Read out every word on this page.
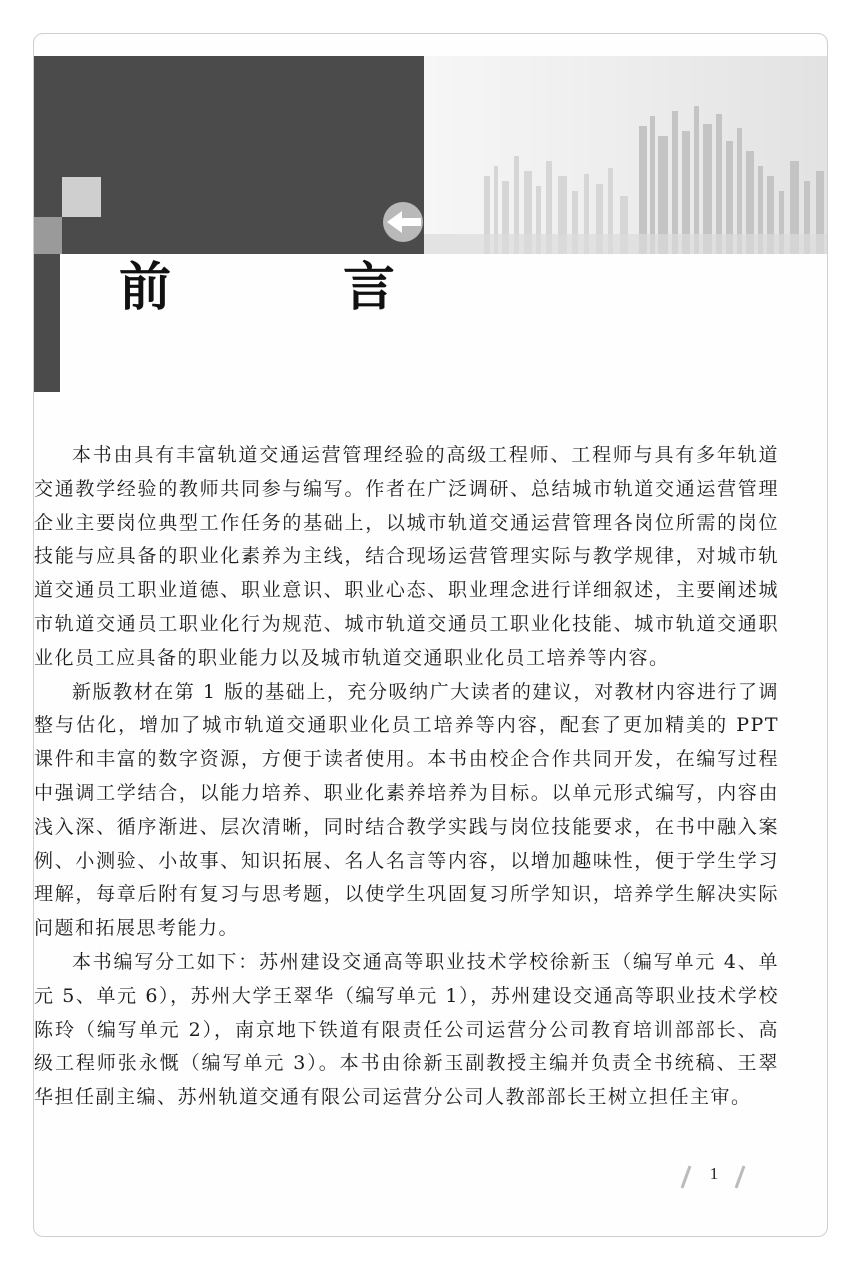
前　言

本书由具有丰富轨道交通运营管理经验的高级工程师、工程师与具有多年轨道交通教学经验的教师共同参与编写。作者在广泛调研、总结城市轨道交通运营管理企业主要岗位典型工作任务的基础上，以城市轨道交通运营管理各岗位所需的岗位技能与应具备的职业化素养为主线，结合现场运营管理实际与教学规律，对城市轨道交通员工职业道德、职业意识、职业心态、职业理念进行详细叙述，主要阐述城市轨道交通员工职业化行为规范、城市轨道交通员工职业化技能、城市轨道交通职业化员工应具备的职业能力以及城市轨道交通职业化员工培养等内容。

新版教材在第 1 版的基础上，充分吸纳广大读者的建议，对教材内容进行了调整与估化，增加了城市轨道交通职业化员工培养等内容，配套了更加精美的 PPT 课件和丰富的数字资源，方便于读者使用。本书由校企合作共同开发，在编写过程中强调工学结合，以能力培养、职业化素养培养为目标。以单元形式编写，内容由浅入深、循序渐进、层次清晰，同时结合教学实践与岗位技能要求，在书中融入案例、小测验、小故事、知识拓展、名人名言等内容，以增加趣味性，便于学生学习理解，每章后附有复习与思考题，以使学生巩固复习所学知识，培养学生解决实际问题和拓展思考能力。

本书编写分工如下：苏州建设交通高等职业技术学校徐新玉（编写单元 4、单元 5、单元 6），苏州大学王翠华（编写单元 1），苏州建设交通高等职业技术学校陈玲（编写单元 2），南京地下铁道有限责任公司运营分公司教育培训部部长、高级工程师张永慨（编写单元 3）。本书由徐新玉副教授主编并负责全书统稿、王翠华担任副主编、苏州轨道交通有限公司运营分公司人教部部长王树立担任主审。

1
